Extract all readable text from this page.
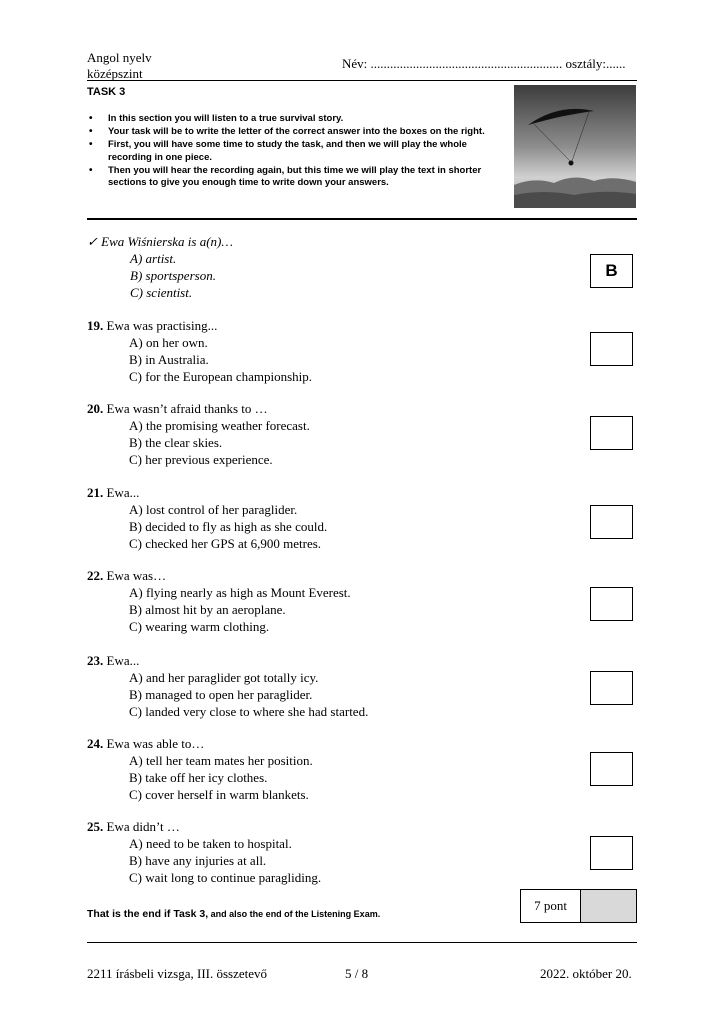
Angol nyelv
középszint
Név: ........................................................... osztály:......
TASK 3
• In this section you will listen to a true survival story.
• Your task will be to write the letter of the correct answer into the boxes on the right.
• First, you will have some time to study the task, and then we will play the whole recording in one piece.
• Then you will hear the recording again, but this time we will play the text in shorter sections to give you enough time to write down your answers.
✓ Ewa Wiśnierska is a(n)…
A) artist.
B) sportsperson.
C) scientist.
B
19. Ewa was practising...
A) on her own.
B) in Australia.
C) for the European championship.
20. Ewa wasn’t afraid thanks to …
A) the promising weather forecast.
B) the clear skies.
C) her previous experience.
21. Ewa...
A) lost control of her paraglider.
B) decided to fly as high as she could.
C) checked her GPS at 6,900 metres.
22. Ewa was…
A) flying nearly as high as Mount Everest.
B) almost hit by an aeroplane.
C) wearing warm clothing.
23. Ewa...
A) and her paraglider got totally icy.
B) managed to open her paraglider.
C) landed very close to where she had started.
24. Ewa was able to…
A) tell her team mates her position.
B) take off her icy clothes.
C) cover herself in warm blankets.
25. Ewa didn’t …
A) need to be taken to hospital.
B) have any injuries at all.
C) wait long to continue paragliding.
7 pont
That is the end if Task 3, and also the end of the Listening Exam.
2211 írásbeli vizsga, III. összetevő	5 / 8	2022. október 20.
